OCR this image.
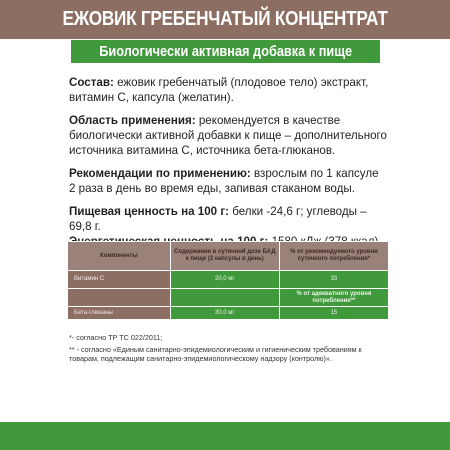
ЕЖОВИК ГРЕБЕНЧАТЫЙ КОНЦЕНТРАТ
Биологически активная добавка к пище

Состав: ежовик гребенчатый (плодовое тело) экстракт, витамин С, капсула (желатин).

Область применения: рекомендуется в качестве биологически активной добавки к пище – дополнительного источника витамина С, источника бета-глюканов.

Рекомендации по применению: взрослым по 1 капсуле 2 раза в день во время еды, запивая стаканом воды.

Пищевая ценность на 100 г: белки -24,6 г; углеводы – 69,8 г.

Компоненты	Содержание в суточной дозе БАД к пище (2 капсулы в день)	% от рекомендуемого уровня суточного потребления*
Витамин С	20,0 мг	33
		% от адекватного уровня потребления**
Бета-глюканы	30,0 мг	15

*- согласно ТР ТС 022/2011;

** - согласно «Единым санитарно-эпидемиологическим и гигиеническим требованиям к товарам, подлежащим санитарно-эпидемиологическому надзору (контролю)».
